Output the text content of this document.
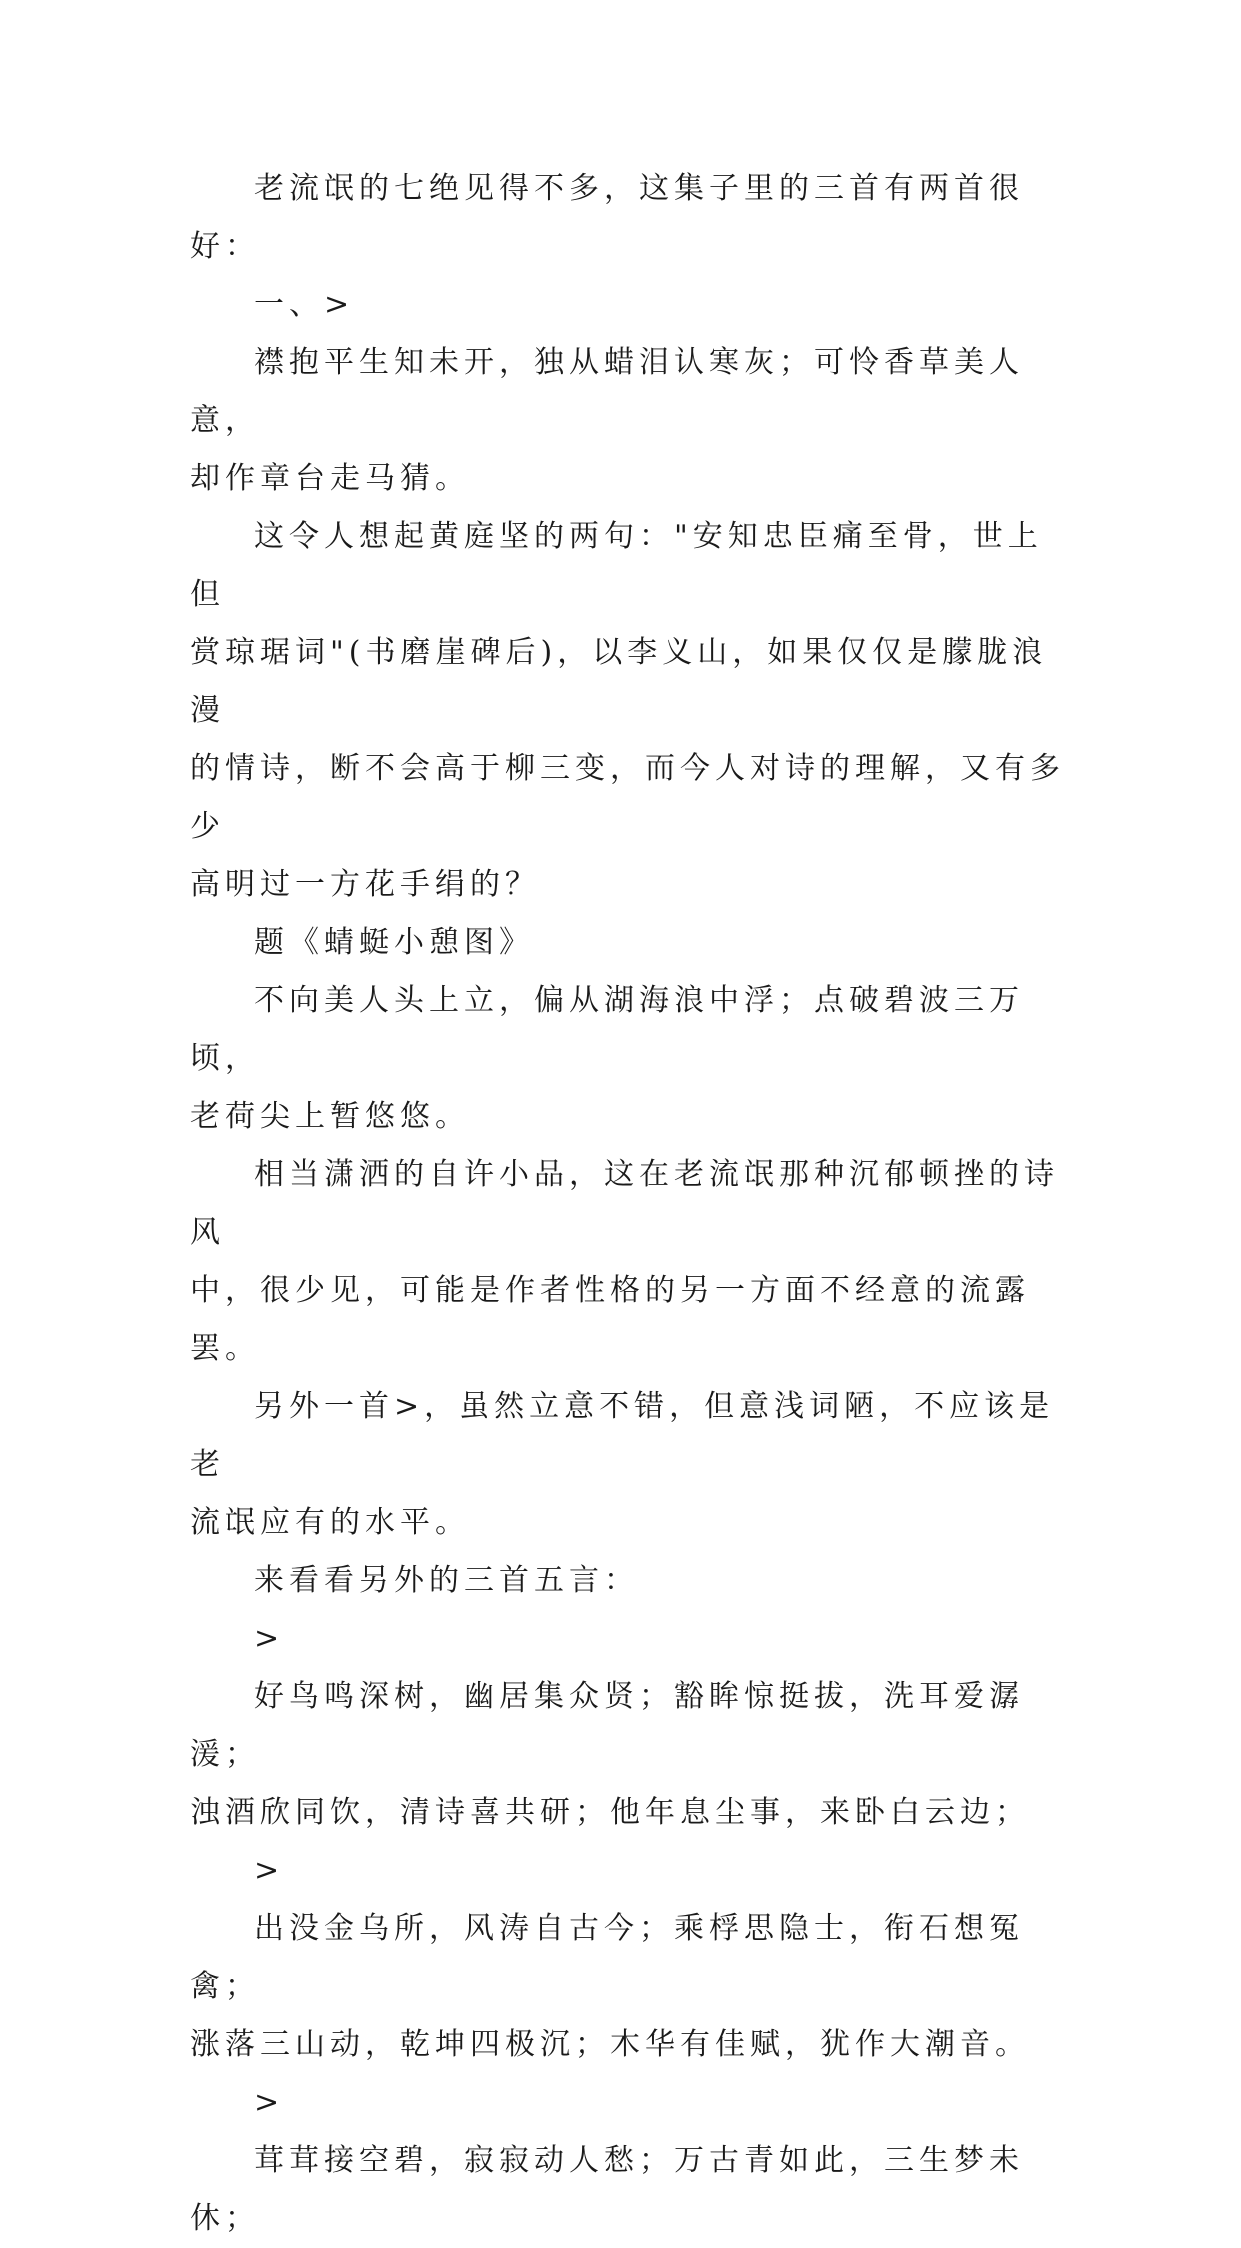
老流氓的七绝见得不多，这集子里的三首有两首很好：

一、>

襟抱平生知未开，独从蜡泪认寒灰；可怜香草美人意，
却作章台走马猜。

这令人想起黄庭坚的两句："安知忠臣痛至骨，世上但
赏琼琚词"(书磨崖碑后)，以李义山，如果仅仅是朦胧浪漫
的情诗，断不会高于柳三变，而今人对诗的理解，又有多少
高明过一方花手绢的？

题《蜻蜓小憩图》

不向美人头上立，偏从湖海浪中浮；点破碧波三万顷，
老荷尖上暂悠悠。

相当潇洒的自许小品，这在老流氓那种沉郁顿挫的诗风
中，很少见，可能是作者性格的另一方面不经意的流露罢。

另外一首>，虽然立意不错，但意浅词陋，不应该是老
流氓应有的水平。

来看看另外的三首五言：

>

好鸟鸣深树，幽居集众贤；豁眸惊挺拔，洗耳爱潺湲；
浊酒欣同饮，清诗喜共研；他年息尘事，来卧白云边；

>

出没金乌所，风涛自古今；乘桴思隐士，衔石想冤禽；
涨落三山动，乾坤四极沉；木华有佳赋，犹作大潮音。

>

茸茸接空碧，寂寂动人愁；万古青如此，三生梦未休；
